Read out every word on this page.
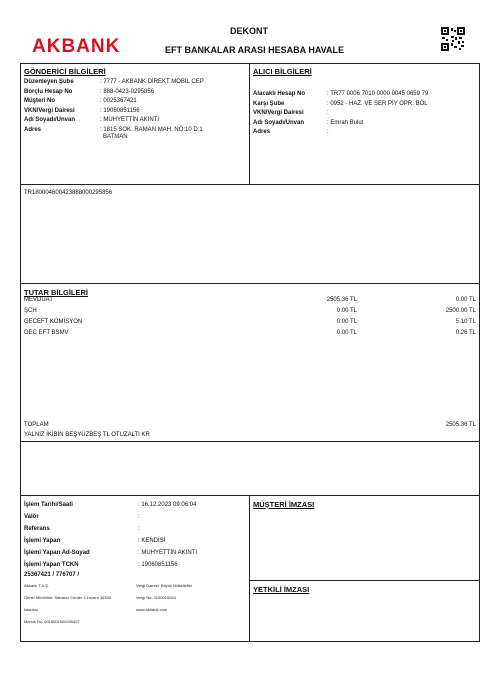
AKBANK
DEKONT
EFT BANKALAR ARASI HESABA HAVALE
GÖNDERİCİ BİLGİLERİ
Düzenleyen Şube	: 7777 - AKBANK DİREKT MOBİL CEP
Borçlu Hesap No	: 888-0423-0295856
Müşteri No	: 0025367421
VKN/Vergi Dairesi	: 19060851156
Adı Soyadı/Unvan	: MUHYETTİN AKINTI
Adres	: 1815 SOK. RAMAN MAH. NO:10 D:1
BATMAN
ALICI BİLGİLERİ
Alacaklı Hesap No	: TR77 0006 7010 0000 0045 0659 79
Karşı Şube	: 0952 - HAZ. VE SER PİY OPR. BÖL
VKN/Vergi Dairesi	:
Adı Soyadı/Unvan	: Emrah Bulut
Adres	:
TR180004600423888000295856
TUTAR BİLGİLERİ
MEVDUAT	2505.36 TL	0.00 TL
ŞCH	0.00 TL	2500.00 TL
GECEFT KOMİSYON	0.00 TL	5.10 TL
GEC EFT BSMV	0.00 TL	0.26 TL
TOPLAM	2505.36 TL
YALNIZ İKİBİN BEŞYÜZBEŞ TL OTUZALTI KR
İşlem Tarihi/Saati	: 16.12.2023 09:06:04
Valör	:
Referans	:
İşlemi Yapan	: KENDİSİ
İşlemi Yapan Ad-Soyad	: MUHYETTİN AKINTI
İşlemi Yapan TCKN	: 19060851156
25367421 / 776707 /
MÜŞTERİ İMZASI
YETKİLİ İMZASI
Akbank T.A.Ş.
Genel Müdürlük: Sabancı Center 4.Levent 34330
İstanbul
Mersis No: 0015001526400497
Vergi Dairesi: Büyük Mükellefler
Vergi No: 0150015264
www.akbank.com
